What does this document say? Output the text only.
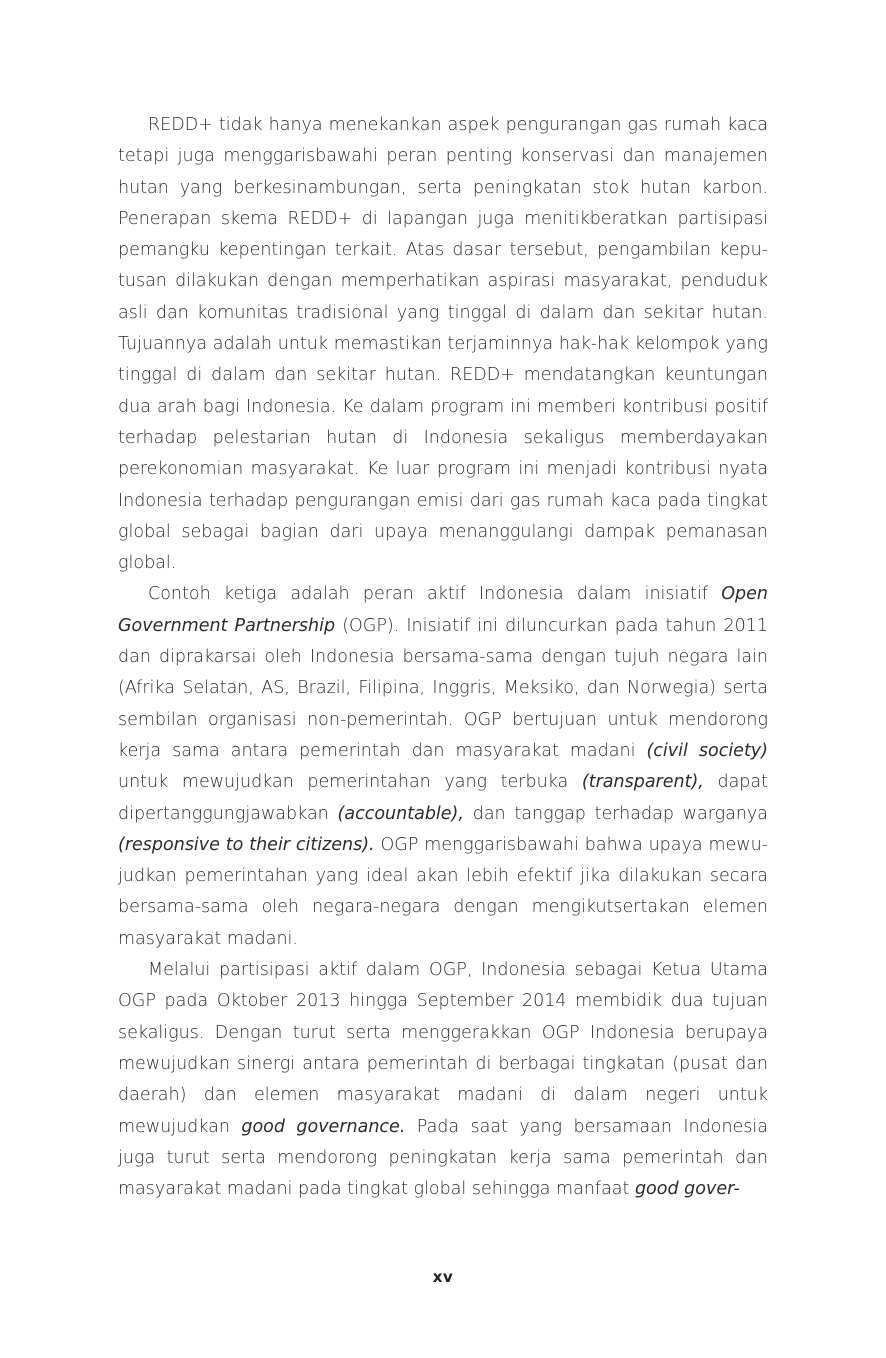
REDD+ tidak hanya menekankan aspek pengurangan gas rumah kaca tetapi juga menggarisbawahi peran penting konservasi dan manajemen hutan yang berkesinambungan, serta peningkatan stok hutan karbon. Penerapan skema REDD+ di lapangan juga menitikberatkan partisipasi pemangku kepentingan terkait. Atas dasar tersebut, pengambilan keputusan dilakukan dengan memperhatikan aspirasi masyarakat, penduduk asli dan komunitas tradisional yang tinggal di dalam dan sekitar hutan. Tujuannya adalah untuk memastikan terjaminnya hak-hak kelompok yang tinggal di dalam dan sekitar hutan. REDD+ mendatangkan keuntungan dua arah bagi Indonesia. Ke dalam program ini memberi kontribusi positif terhadap pelestarian hutan di Indonesia sekaligus memberdayakan perekonomian masyarakat. Ke luar program ini menjadi kontribusi nyata Indonesia terhadap pengurangan emisi dari gas rumah kaca pada tingkat global sebagai bagian dari upaya menanggulangi dampak pemanasan global.

Contoh ketiga adalah peran aktif Indonesia dalam inisiatif Open Government Partnership (OGP). Inisiatif ini diluncurkan pada tahun 2011 dan diprakarsai oleh Indonesia bersama-sama dengan tujuh negara lain (Afrika Selatan, AS, Brazil, Filipina, Inggris, Meksiko, dan Norwegia) serta sembilan organisasi non-pemerintah. OGP bertujuan untuk mendorong kerja sama antara pemerintah dan masyarakat madani (civil society) untuk mewujudkan pemerintahan yang terbuka (transparent), dapat dipertanggungjawabkan (accountable), dan tanggap terhadap warganya (responsive to their citizens). OGP menggarisbawahi bahwa upaya mewujudkan pemerintahan yang ideal akan lebih efektif jika dilakukan secara bersama-sama oleh negara-negara dengan mengikutsertakan elemen masyarakat madani.

Melalui partisipasi aktif dalam OGP, Indonesia sebagai Ketua Utama OGP pada Oktober 2013 hingga September 2014 membidik dua tujuan sekaligus. Dengan turut serta menggerakkan OGP Indonesia berupaya mewujudkan sinergi antara pemerintah di berbagai tingkatan (pusat dan daerah) dan elemen masyarakat madani di dalam negeri untuk mewujudkan good governance. Pada saat yang bersamaan Indonesia juga turut serta mendorong peningkatan kerja sama pemerintah dan masyarakat madani pada tingkat global sehingga manfaat good gover-

xv
